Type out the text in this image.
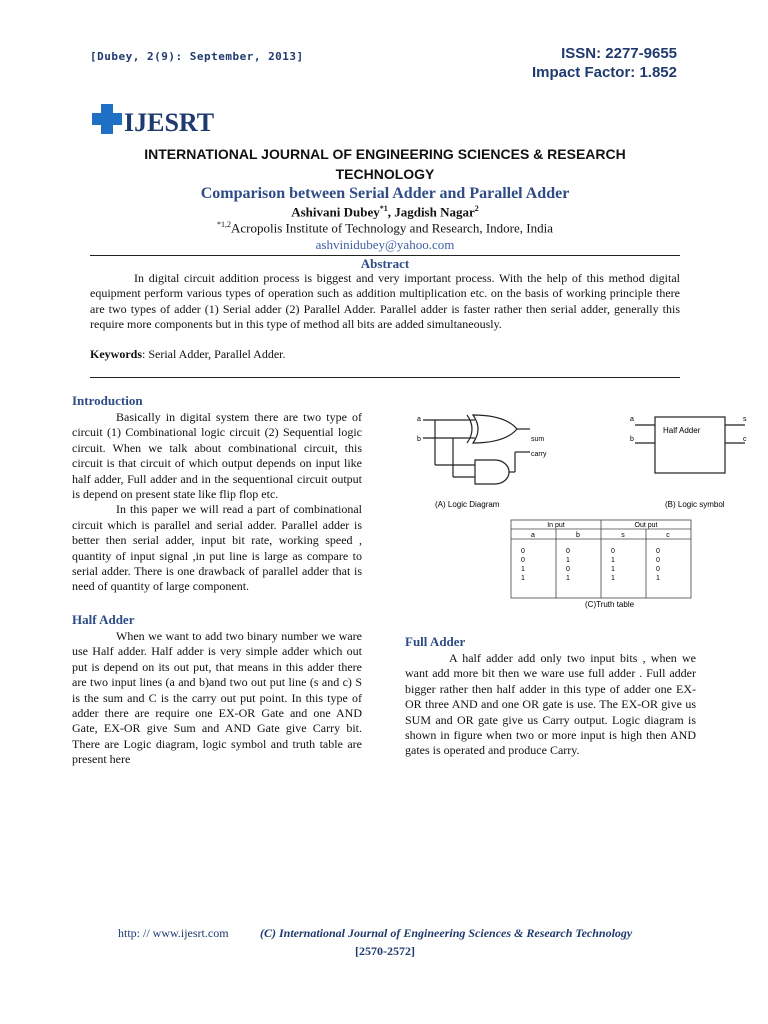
[Dubey, 2(9): September, 2013]	ISSN: 2277-9655
Impact Factor: 1.852
IJESRT
INTERNATIONAL JOURNAL OF ENGINEERING SCIENCES & RESEARCH
TECHNOLOGY
Comparison between Serial Adder and Parallel Adder
Ashivani Dubey$^{*1}$, Jagdish Nagar$^2$
$^{*1,2}$Acropolis Institute of Technology and Research, Indore, India
ashvinidubey@yahoo.com
Abstract
In digital circuit addition process is biggest and very important process. With the help of this method digital equipment perform various types of operation such as addition multiplication etc. on the basis of working principle there are two types of adder (1) Serial adder (2) Parallel Adder. Parallel adder is faster rather then serial adder, generally this require more components but in this type of method all bits are added simultaneously.
Keywords: Serial Adder, Parallel Adder.
Introduction
Basically in digital system there are two type of circuit (1) Combinational logic circuit (2) Sequential logic circuit. When we talk about combinational circuit, this circuit is that circuit of which output depends on input like half adder, Full adder and in the sequentional circuit output is depend on present state like flip flop etc.
In this paper we will read a part of combinational circuit which is parallel and serial adder. Parallel adder is better then serial adder, input bit rate, working speed , quantity of input signal ,in put line is large as compare to serial adder. There is one drawback of parallel adder that is need of quantity of large component.
Half Adder
When we want to add two binary number we ware use Half adder. Half adder is very simple adder which out put is depend on its out put, that means in this adder there are two input lines (a and b)and two out put line (s and c) S is the sum and C is the carry out put point. In this type of adder there are require one EX-OR Gate and one AND Gate, EX-OR give Sum and AND Gate give Carry bit. There are Logic diagram, logic symbol and truth table are present here
a
b	sum
carry
(A) Logic Diagram
Half Adder
a
b
s
c
(B) Logic symbol
In put	Out put
a	b	s	c
0	0	0	0
0	1	1	0
1	0	1	0
1	1	1	1
(C)Truth table
Full Adder
A half adder add only two input bits , when we want add more bit then we ware use full adder . Full adder bigger rather then half adder in this type of adder one EX-OR three AND and one OR gate is use. The EX-OR give us SUM and OR gate give us Carry output. Logic diagram is shown in figure when two or more input is high then AND gates is operated and produce Carry.
http: // www.ijesrt.com	(C) International Journal of Engineering Sciences & Research Technology
[2570-2572]
